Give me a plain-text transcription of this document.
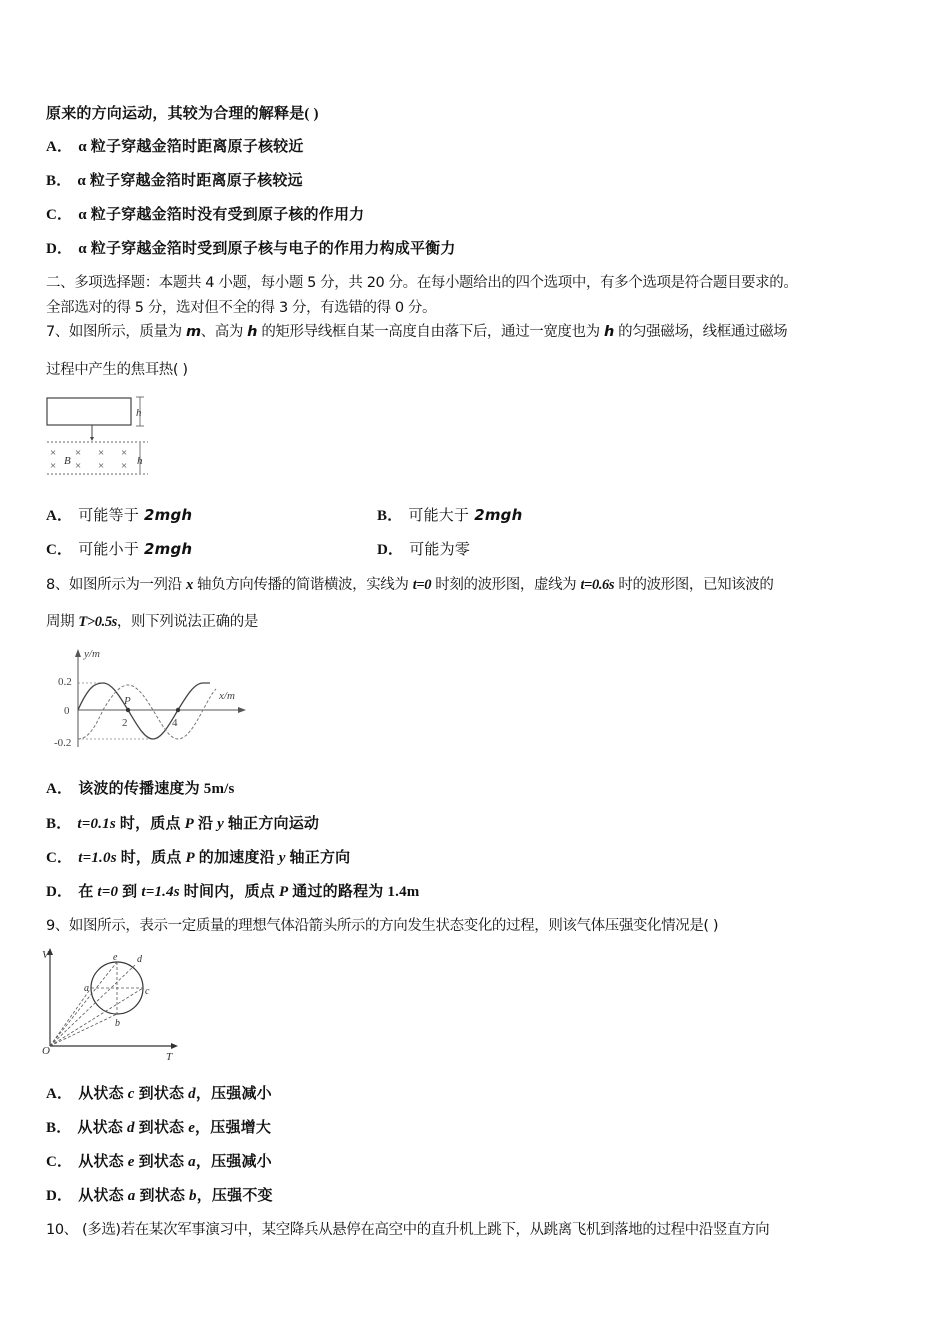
原来的方向运动，其较为合理的解释是( )
A． α 粒子穿越金箔时距离原子核较近
B． α 粒子穿越金箔时距离原子核较远
C． α 粒子穿越金箔时没有受到原子核的作用力
D． α 粒子穿越金箔时受到原子核与电子的作用力构成平衡力
二、多项选择题：本题共 4 小题，每小题 5 分，共 20 分。在每小题给出的四个选项中，有多个选项是符合题目要求的。
全部选对的得 5 分，选对但不全的得 3 分，有选错的得 0 分。
7、如图所示，质量为 m、高为 h 的矩形导线框自某一高度自由落下后，通过一宽度也为 h 的匀强磁场，线框通过磁场
过程中产生的焦耳热( )
h
h
× × × ×
× × × ×
B
A． 可能等于 2mgh	B． 可能大于 2mgh
C． 可能小于 2mgh	D． 可能为零
8、如图所示为一列沿 x 轴负方向传播的简谐横波，实线为 t=0 时刻的波形图，虚线为 t=0.6s 时的波形图，已知该波的
周期 T>0.5s，则下列说法正确的是
y/m
x/m
0.2
0
-0.2
2	4
P
A． 该波的传播速度为 5m/s
B． t=0.1s 时，质点 P 沿 y 轴正方向运动
C． t=1.0s 时，质点 P 的加速度沿 y 轴正方向
D． 在 t=0 到 t=1.4s 时间内，质点 P 通过的路程为 1.4m
9、如图所示，表示一定质量的理想气体沿箭头所示的方向发生状态变化的过程，则该气体压强变化情况是( )
V
T
O
a
b
c
d
e
A． 从状态 c 到状态 d，压强减小
B． 从状态 d 到状态 e，压强增大
C． 从状态 e 到状态 a，压强减小
D． 从状态 a 到状态 b，压强不变
10、 (多选)若在某次军事演习中，某空降兵从悬停在高空中的直升机上跳下，从跳离飞机到落地的过程中沿竖直方向
